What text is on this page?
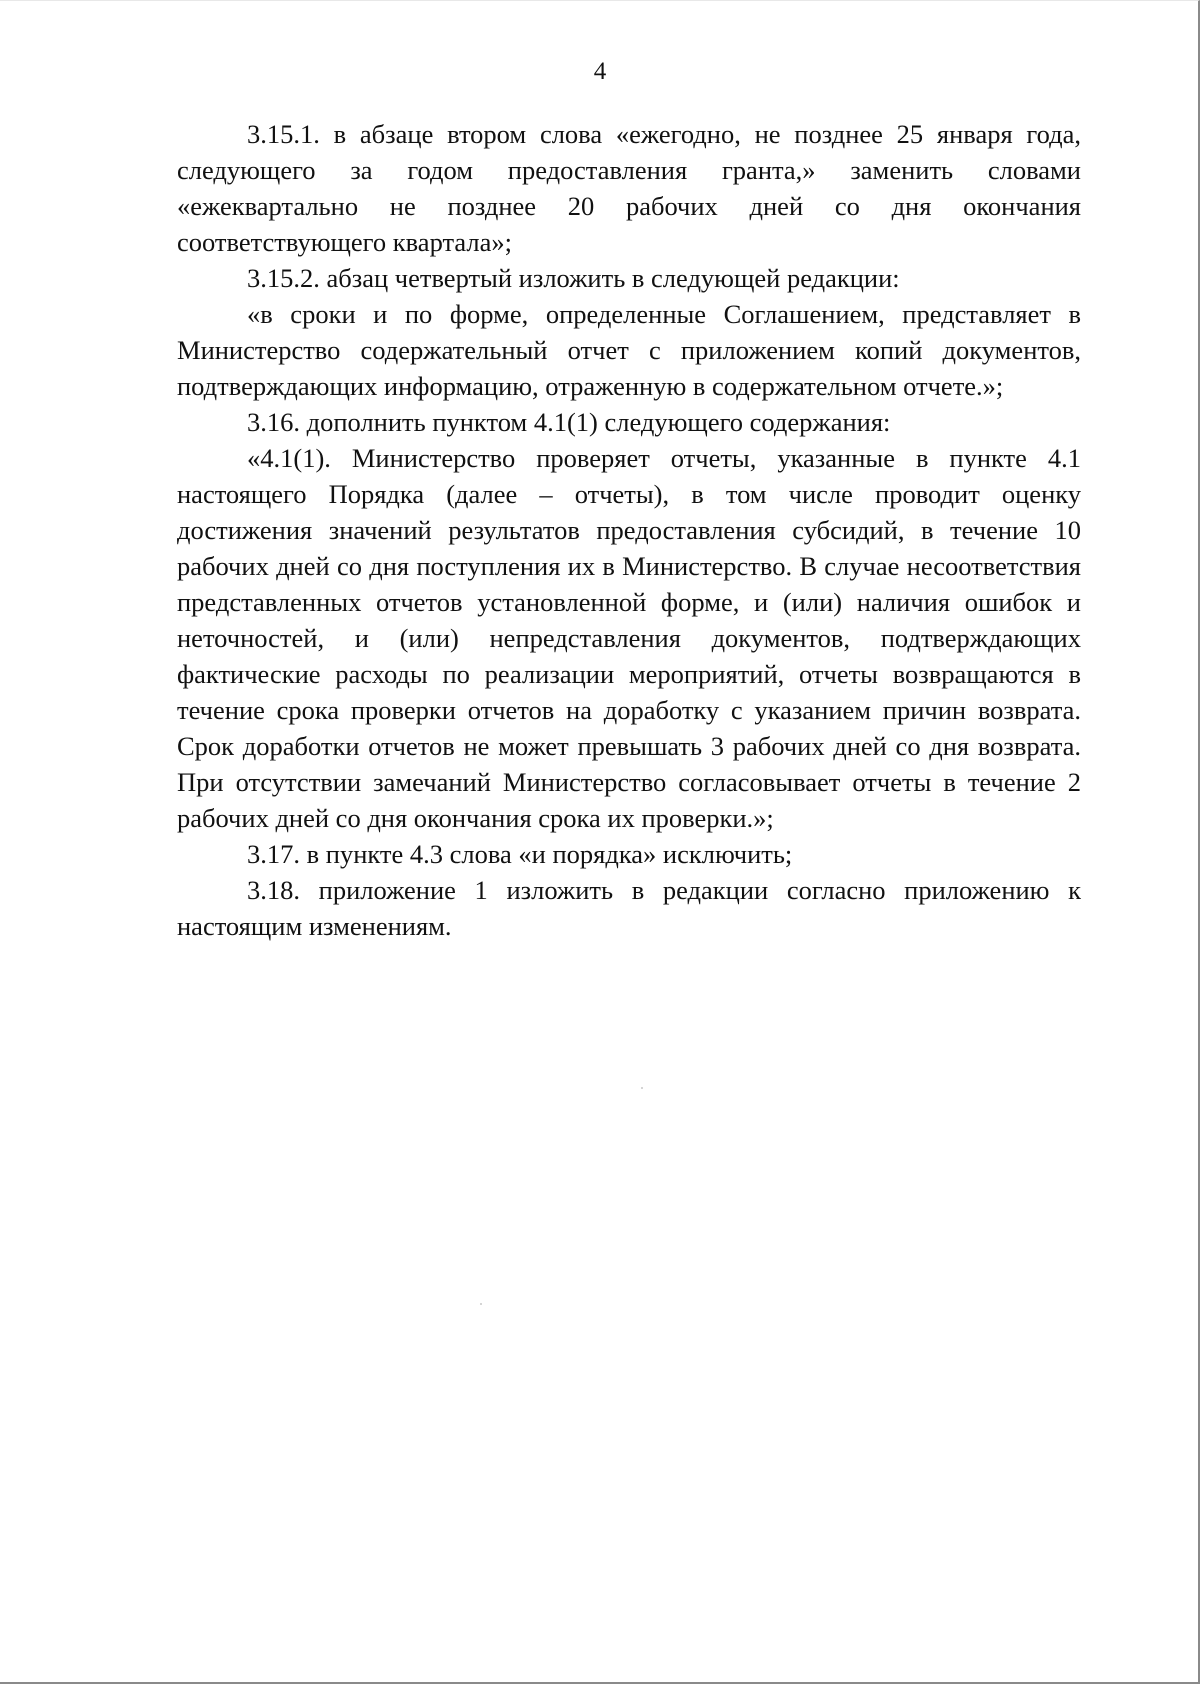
4

3.15.1. в абзаце втором слова «ежегодно, не позднее 25 января года, следующего за годом предоставления гранта,» заменить словами «ежеквартально не позднее 20 рабочих дней со дня окончания соответствующего квартала»;

3.15.2. абзац четвертый изложить в следующей редакции:

«в сроки и по форме, определенные Соглашением, представляет в Министерство содержательный отчет с приложением копий документов, подтверждающих информацию, отраженную в содержательном отчете.»;

3.16. дополнить пунктом 4.1(1) следующего содержания:

«4.1(1). Министерство проверяет отчеты, указанные в пункте 4.1 настоящего Порядка (далее – отчеты), в том числе проводит оценку достижения значений результатов предоставления субсидий, в течение 10 рабочих дней со дня поступления их в Министерство. В случае несоответствия представленных отчетов установленной форме, и (или) наличия ошибок и неточностей, и (или) непредставления документов, подтверждающих фактические расходы по реализации мероприятий, отчеты возвращаются в течение срока проверки отчетов на доработку с указанием причин возврата. Срок доработки отчетов не может превышать 3 рабочих дней со дня возврата. При отсутствии замечаний Министерство согласовывает отчеты в течение 2 рабочих дней со дня окончания срока их проверки.»;

3.17. в пункте 4.3 слова «и порядка» исключить;

3.18. приложение 1 изложить в редакции согласно приложению к настоящим изменениям.
